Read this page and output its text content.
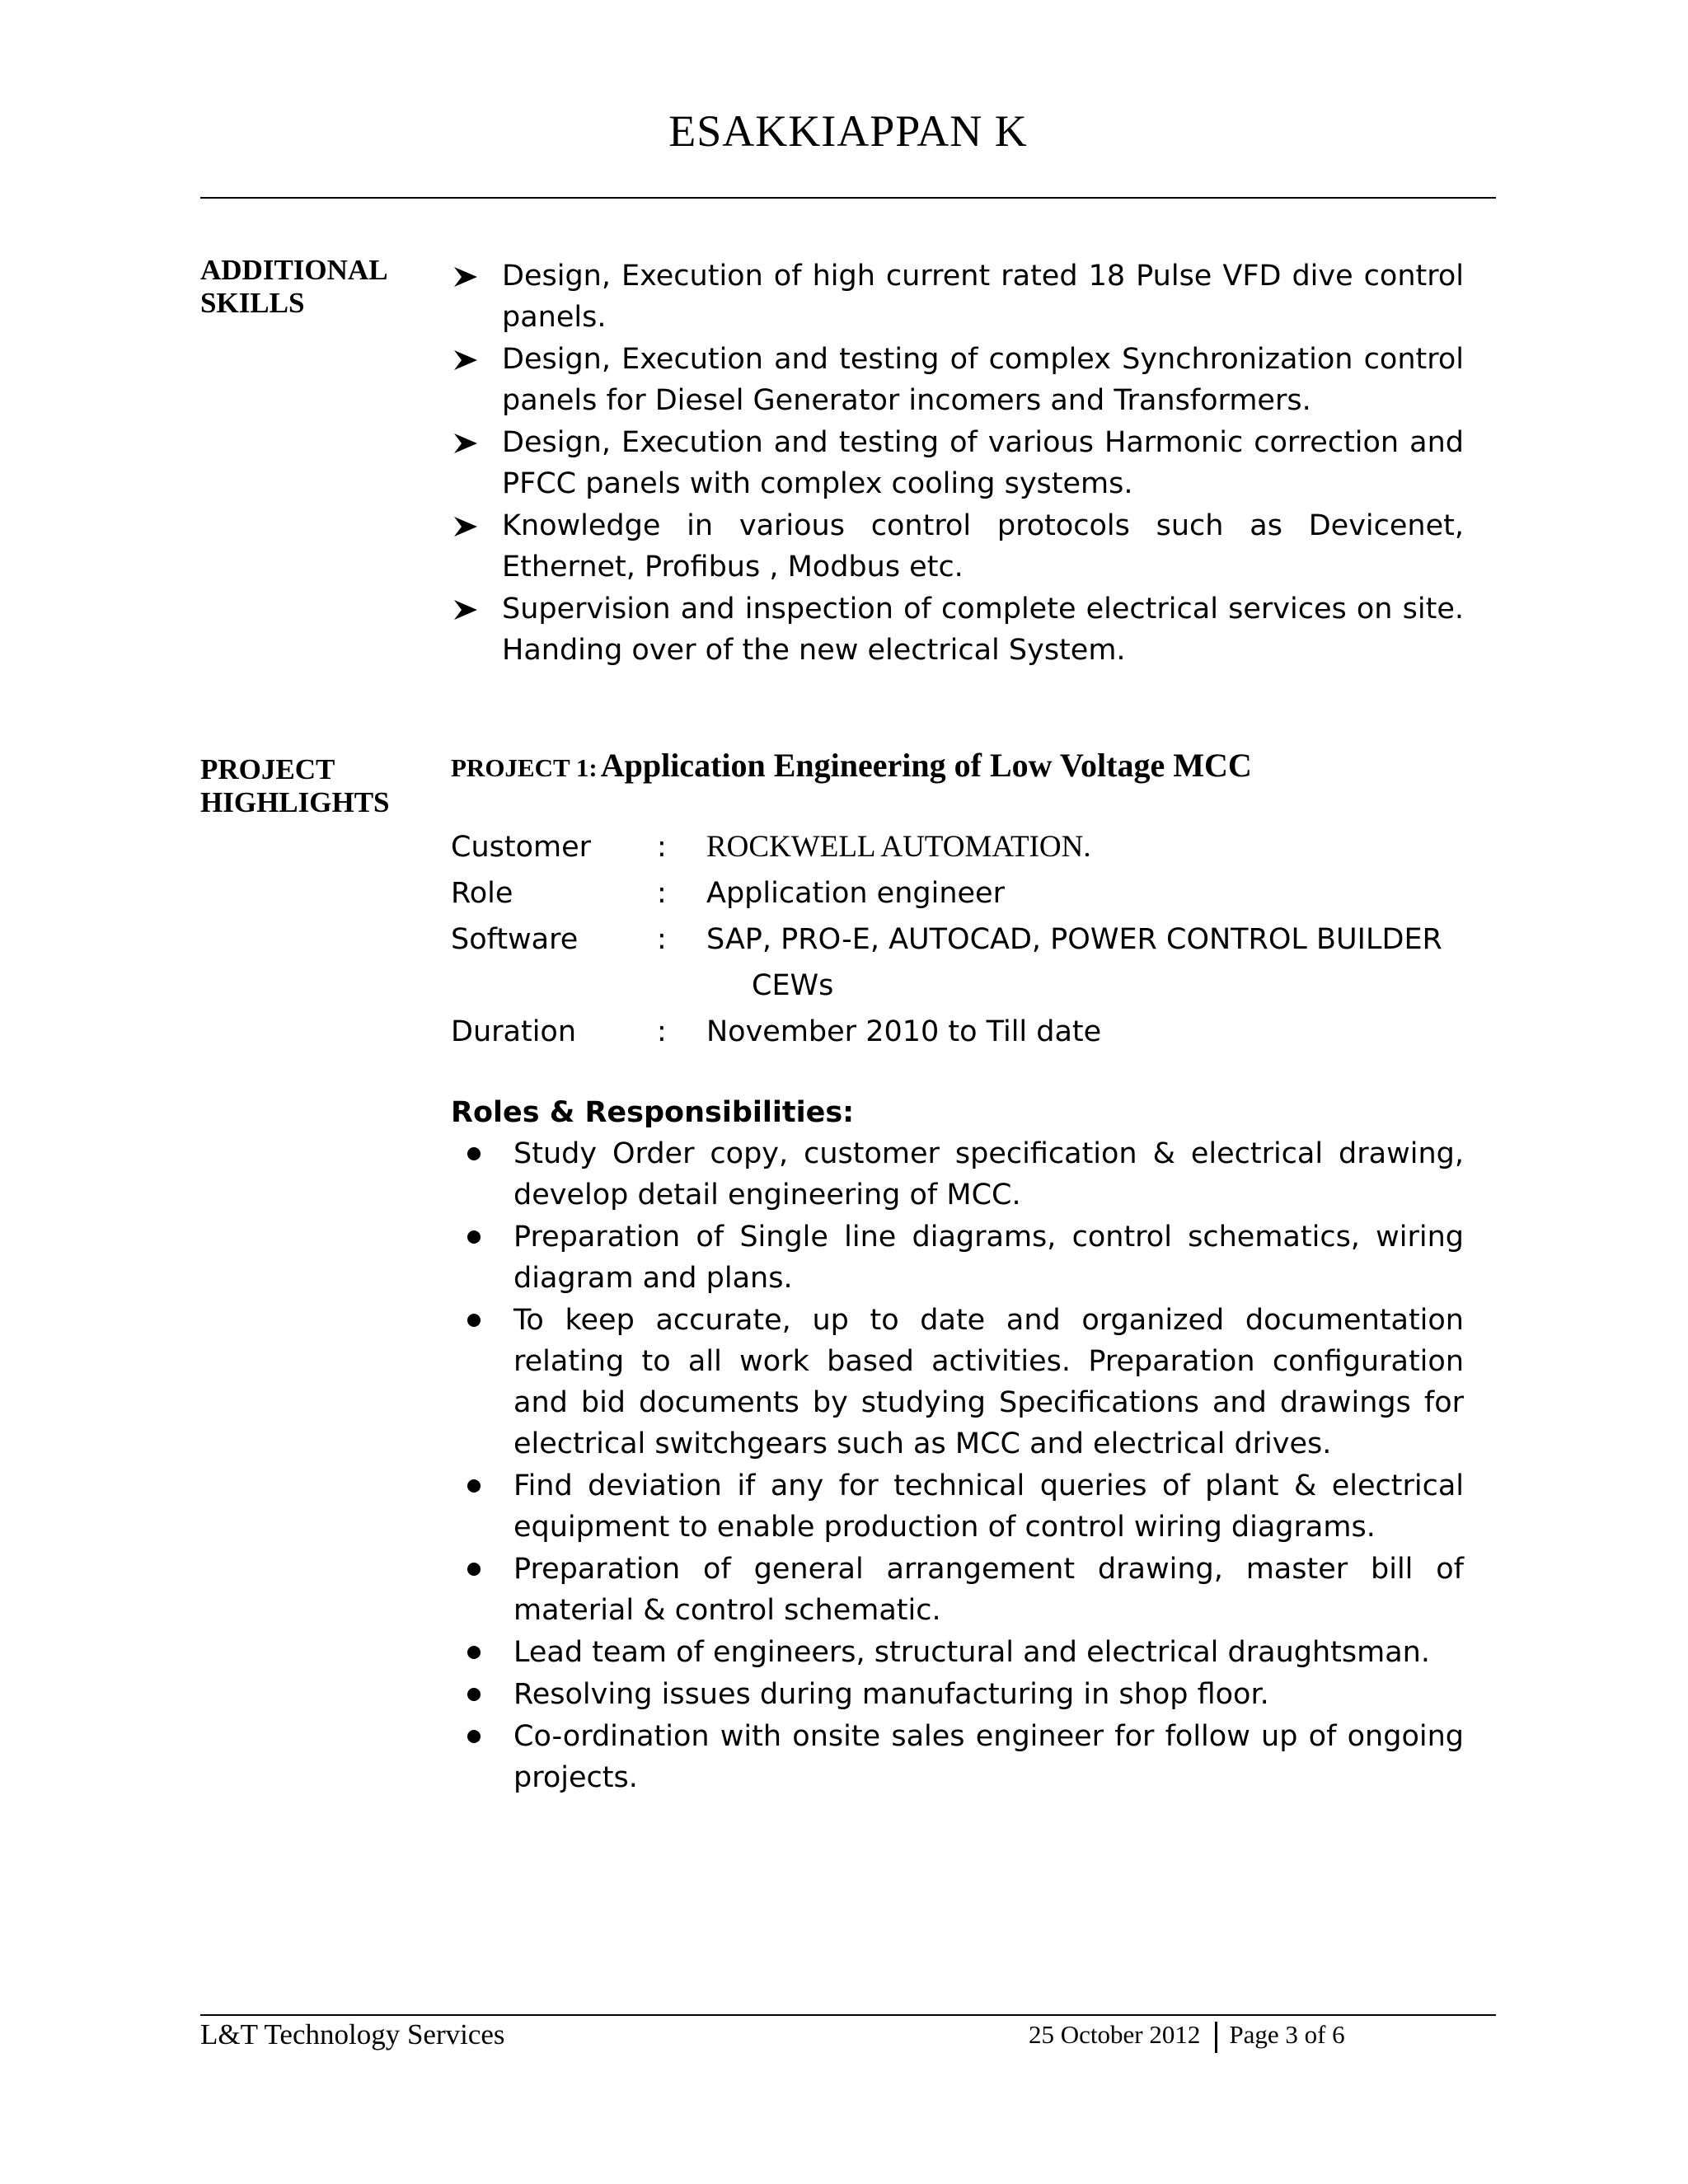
ESAKKIAPPAN K
ADDITIONAL
SKILLS
Design, Execution of high current rated 18 Pulse VFD dive control panels.
Design, Execution and testing of complex Synchronization control panels for Diesel Generator incomers and Transformers.
Design, Execution and testing of various Harmonic correction and PFCC panels with complex cooling systems.
Knowledge in various control protocols such as Devicenet, Ethernet, Profibus , Modbus etc.
Supervision and inspection of complete electrical services on site. Handing over of the new electrical System.
PROJECT
HIGHLIGHTS
PROJECT 1: Application Engineering of Low Voltage MCC
Customer : ROCKWELL AUTOMATION.
Role	: Application engineer
Software	: SAP, PRO-E, AUTOCAD, POWER CONTROL BUILDER
CEWs
Duration	: November 2010 to Till date
Roles & Responsibilities:
Study Order copy, customer specification & electrical drawing, develop detail engineering of MCC.
Preparation of Single line diagrams, control schematics, wiring diagram and plans.
To keep accurate, up to date and organized documentation relating to all work based activities. Preparation configuration and bid documents by studying Specifications and drawings for electrical switchgears such as MCC and electrical drives.
Find deviation if any for technical queries of plant & electrical equipment to enable production of control wiring diagrams.
Preparation of general arrangement drawing, master bill of material & control schematic.
Lead team of engineers, structural and electrical draughtsman.
Resolving issues during manufacturing in shop floor.
Co-ordination with onsite sales engineer for follow up of ongoing projects.
L&T Technology Services	25 October 2012 Page 3 of 6
